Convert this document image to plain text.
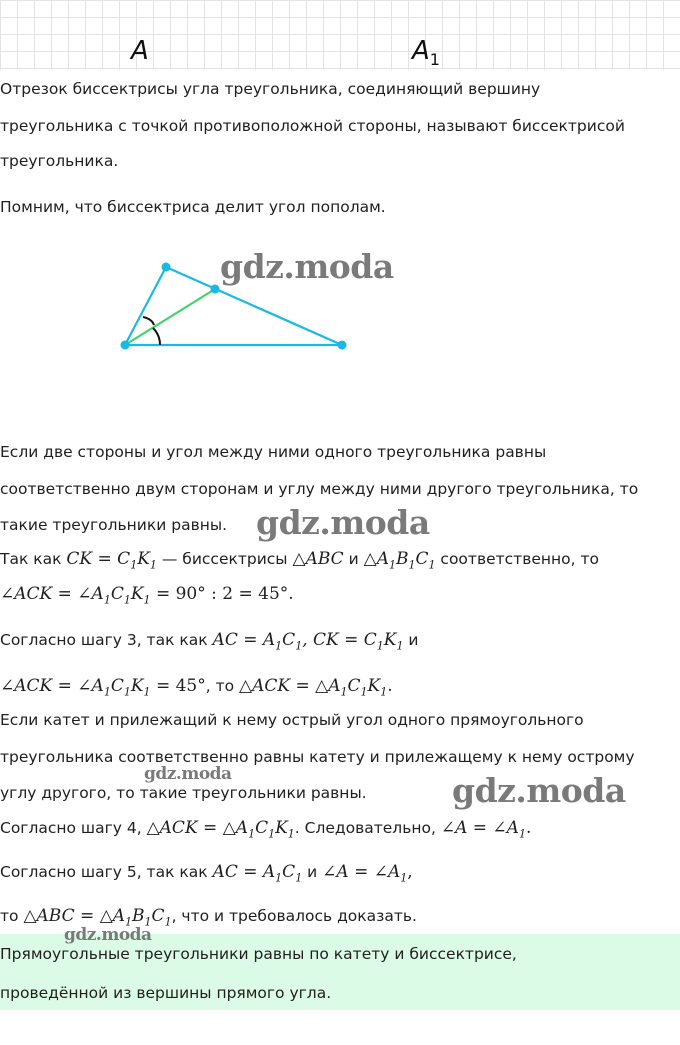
A	$A_1$
Отрезок биссектрисы угла треугольника, соединяющий вершину
треугольника с точкой противоположной стороны, называют биссектрисой
треугольника.
Помним, что биссектриса делит угол пополам.
Если две стороны и угол между ними одного треугольника равны
соответственно двум сторонам и углу между ними другого треугольника, то
такие треугольники равны.
Так как CK = $C_1K_1$ — биссектрисы △ABC и $\triangle A_1B_1C_1$ соответственно, то
∠ACK = $\angle A_1C_1K_1 = 90^\circ$ : 2 = 45°.
Согласно шагу 3, так как AC = $A_1C_1$, CK = $C_1K_1$ и
∠ACK = $\angle A_1C_1K_1 = 45^\circ$, то △ACK = $\triangle A_1C_1K_1$.
Если катет и прилежащий к нему острый угол одного прямоугольного
треугольника соответственно равны катету и прилежащему к нему острому
углу другого, то такие треугольники равны.
Согласно шагу 4, △ACK = $\triangle A_1C_1K_1$. Следовательно, ∠A = $\angle A_1$.
Согласно шагу 5, так как AC = $A_1C_1$ и ∠A = $\angle A_1$,
то △ABC = $\triangle A_1B_1C_1$, что и требовалось доказать.
Прямоугольные треугольники равны по катету и биссектрисе,
проведённой из вершины прямого угла.
gdz.moda
gdz.moda
gdz.moda
gdz.moda
gdz.moda
